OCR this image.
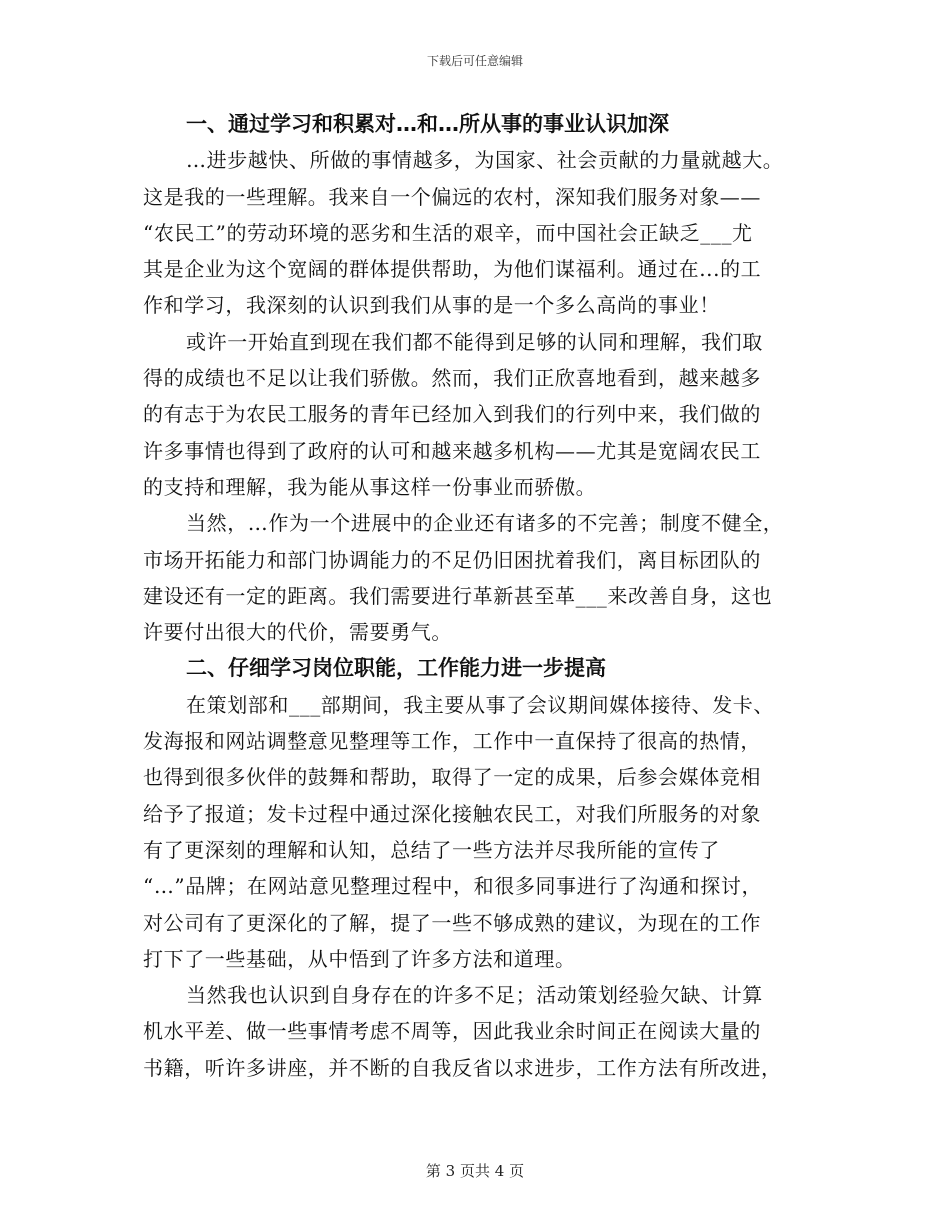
下载后可任意编辑
一、通过学习和积累对…和…所从事的事业认识加深

…进步越快、所做的事情越多，为国家、社会贡献的力量就越大。
这是我的一些理解。我来自一个偏远的农村，深知我们服务对象——
“农民工”的劳动环境的恶劣和生活的艰辛，而中国社会正缺乏___尤
其是企业为这个宽阔的群体提供帮助，为他们谋福利。通过在...的工
作和学习，我深刻的认识到我们从事的是一个多么高尚的事业！

或许一开始直到现在我们都不能得到足够的认同和理解，我们取
得的成绩也不足以让我们骄傲。然而，我们正欣喜地看到，越来越多
的有志于为农民工服务的青年已经加入到我们的行列中来，我们做的
许多事情也得到了政府的认可和越来越多机构——尤其是宽阔农民工
的支持和理解，我为能从事这样一份事业而骄傲。

当然，…作为一个进展中的企业还有诸多的不完善；制度不健全，
市场开拓能力和部门协调能力的不足仍旧困扰着我们，离目标团队的
建设还有一定的距离。我们需要进行革新甚至革___来改善自身，这也
许要付出很大的代价，需要勇气。

二、仔细学习岗位职能，工作能力进一步提高

在策划部和___部期间，我主要从事了会议期间媒体接待、发卡、
发海报和网站调整意见整理等工作，工作中一直保持了很高的热情，
也得到很多伙伴的鼓舞和帮助，取得了一定的成果，后参会媒体竞相
给予了报道；发卡过程中通过深化接触农民工，对我们所服务的对象
有了更深刻的理解和认知，总结了一些方法并尽我所能的宣传了
“…”品牌；在网站意见整理过程中，和很多同事进行了沟通和探讨，
对公司有了更深化的了解，提了一些不够成熟的建议，为现在的工作
打下了一些基础，从中悟到了许多方法和道理。

当然我也认识到自身存在的许多不足；活动策划经验欠缺、计算
机水平差、做一些事情考虑不周等，因此我业余时间正在阅读大量的
书籍，听许多讲座，并不断的自我反省以求进步，工作方法有所改进，

第 3 页共 4 页
